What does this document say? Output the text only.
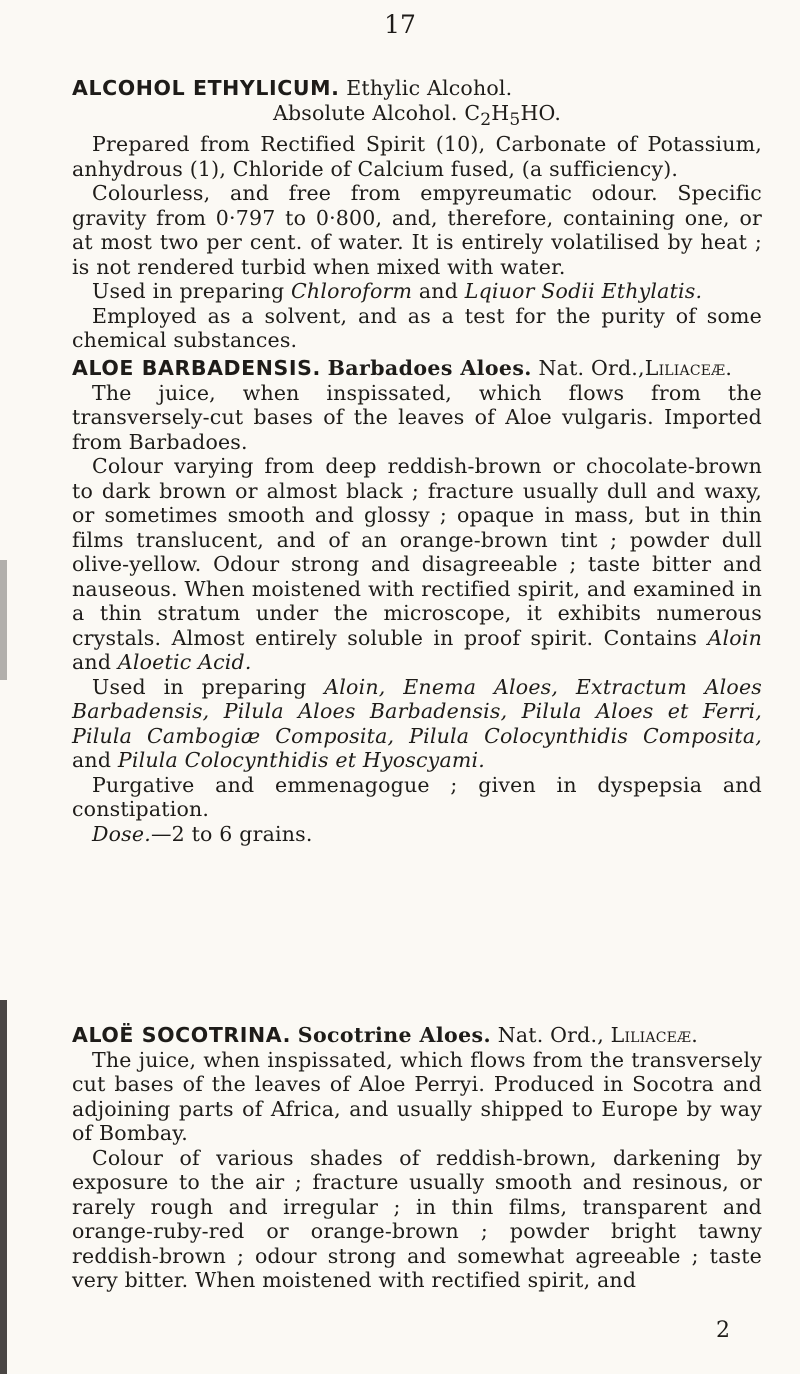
17

ALCOHOL ETHYLICUM. Ethylic Alcohol.

Absolute Alcohol. $C_2H_5HO$.

Prepared from Rectified Spirit (10), Carbonate of Potassium, anhydrous (1), Chloride of Calcium fused, (a sufficiency).

Colourless, and free from empyreumatic odour. Specific gravity from 0·797 to 0·800, and, therefore, containing one, or at most two per cent. of water. It is entirely volatilised by heat ; is not rendered turbid when mixed with water.

Used in preparing Chloroform and Lqiuor Sodii Ethylatis.

Employed as a solvent, and as a test for the purity of some chemical substances.

ALOE BARBADENSIS. Barbadoes Aloes. Nat. Ord.,Liliaceæ.

The juice, when inspissated, which flows from the transversely-cut bases of the leaves of Aloe vulgaris. Imported from Barbadoes.

Colour varying from deep reddish-brown or chocolate-brown to dark brown or almost black ; fracture usually dull and waxy, or sometimes smooth and glossy ; opaque in mass, but in thin films translucent, and of an orange-brown tint ; powder dull olive-yellow. Odour strong and disagreeable ; taste bitter and nauseous. When moistened with rectified spirit, and examined in a thin stratum under the microscope, it exhibits numerous crystals. Almost entirely soluble in proof spirit. Contains Aloin and Aloetic Acid.

Used in preparing Aloin, Enema Aloes, Extractum Aloes Barbadensis, Pilula Aloes Barbadensis, Pilula Aloes et Ferri, Pilula Cambogiæ Composita, Pilula Colocynthidis Composita, and Pilula Colocynthidis et Hyoscyami.

Purgative and emmenagogue ; given in dyspepsia and constipation.

Dose.—2 to 6 grains.

ALOË SOCOTRINA. Socotrine Aloes. Nat. Ord., Liliaceæ.

The juice, when inspissated, which flows from the transversely cut bases of the leaves of Aloe Perryi. Produced in Socotra and adjoining parts of Africa, and usually shipped to Europe by way of Bombay.

Colour of various shades of reddish-brown, darkening by exposure to the air ; fracture usually smooth and resinous, or rarely rough and irregular ; in thin films, transparent and orange-ruby-red or orange-brown ; powder bright tawny reddish-brown ; odour strong and somewhat agreeable ; taste very bitter. When moistened with rectified spirit, and

2
